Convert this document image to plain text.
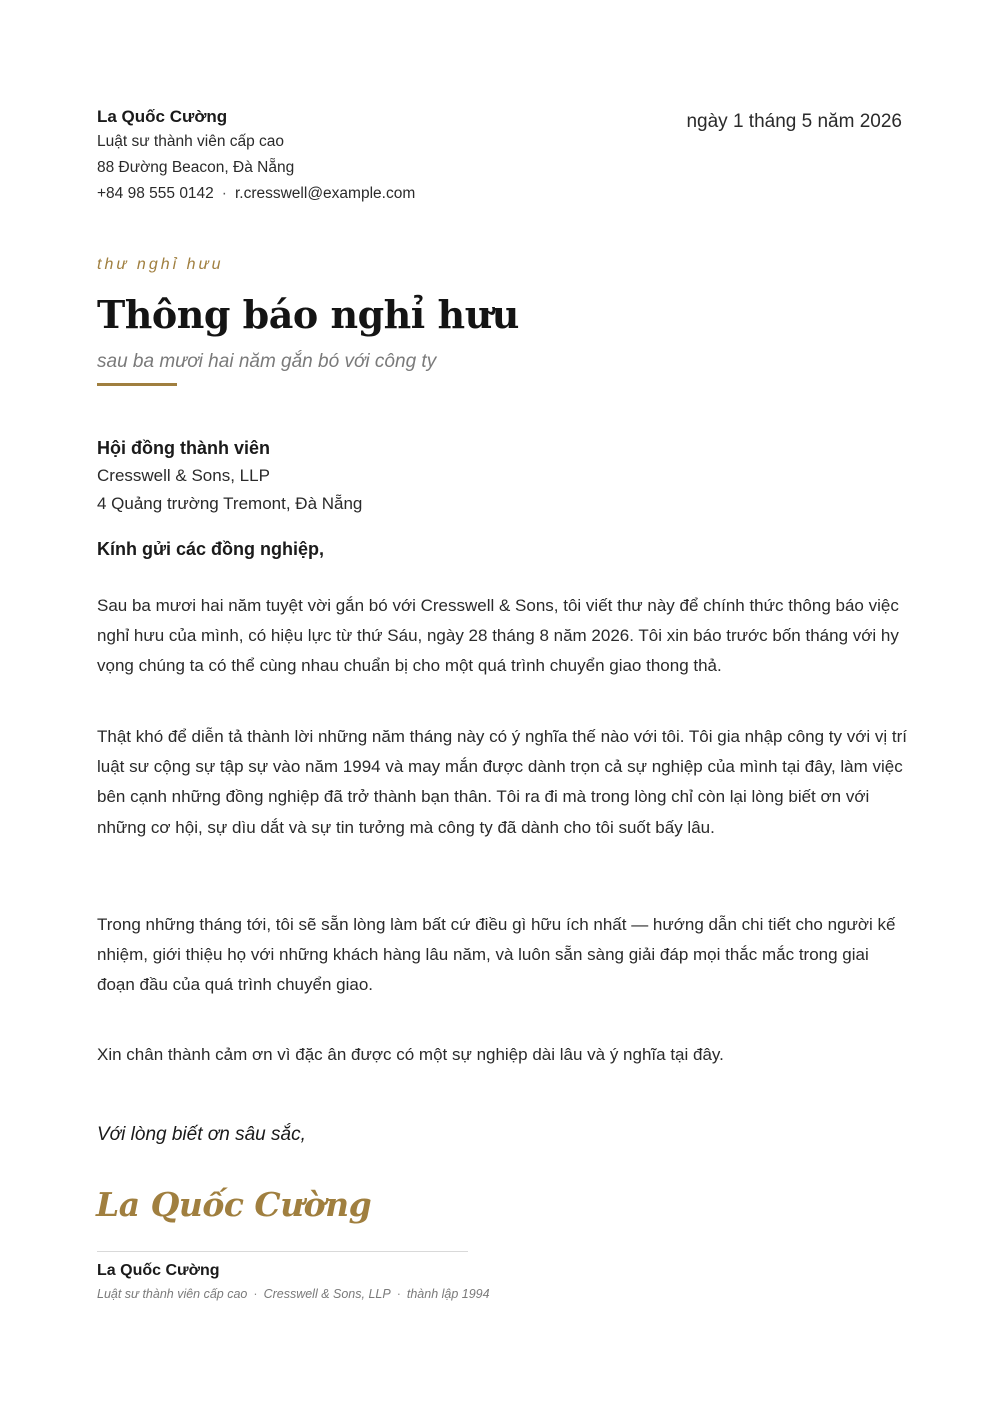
La Quốc Cường
Luật sư thành viên cấp cao
88 Đường Beacon, Đà Nẵng
+84 98 555 0142 · r.cresswell@example.com
ngày 1 tháng 5 năm 2026
thư nghỉ hưu
Thông báo nghỉ hưu
sau ba mươi hai năm gắn bó với công ty
Hội đồng thành viên
Cresswell & Sons, LLP
4 Quảng trường Tremont, Đà Nẵng
Kính gửi các đồng nghiệp,

Sau ba mươi hai năm tuyệt vời gắn bó với Cresswell & Sons, tôi viết thư này để chính thức thông báo việc nghỉ hưu của mình, có hiệu lực từ thứ Sáu, ngày 28 tháng 8 năm 2026. Tôi xin báo trước bốn tháng với hy vọng chúng ta có thể cùng nhau chuẩn bị cho một quá trình chuyển giao thong thả.

Thật khó để diễn tả thành lời những năm tháng này có ý nghĩa thế nào với tôi. Tôi gia nhập công ty với vị trí luật sư cộng sự tập sự vào năm 1994 và may mắn được dành trọn cả sự nghiệp của mình tại đây, làm việc bên cạnh những đồng nghiệp đã trở thành bạn thân. Tôi ra đi mà trong lòng chỉ còn lại lòng biết ơn với những cơ hội, sự dìu dắt và sự tin tưởng mà công ty đã dành cho tôi suốt bấy lâu.

Trong những tháng tới, tôi sẽ sẵn lòng làm bất cứ điều gì hữu ích nhất — hướng dẫn chi tiết cho người kế nhiệm, giới thiệu họ với những khách hàng lâu năm, và luôn sẵn sàng giải đáp mọi thắc mắc trong giai đoạn đầu của quá trình chuyển giao.

Xin chân thành cảm ơn vì đặc ân được có một sự nghiệp dài lâu và ý nghĩa tại đây.

Với lòng biết ơn sâu sắc,
La Quốc Cường
La Quốc Cường
Luật sư thành viên cấp cao · Cresswell & Sons, LLP · thành lập 1994
